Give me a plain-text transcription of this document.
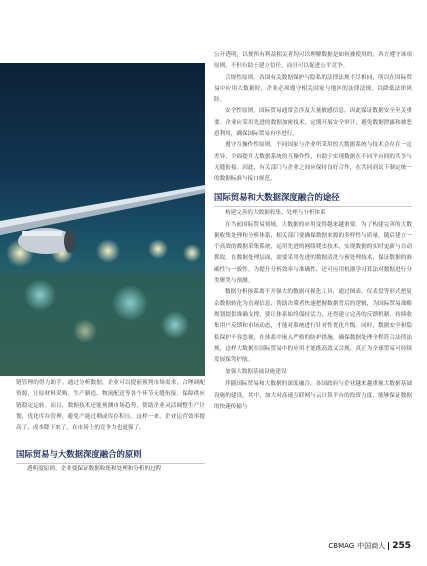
公开透明，以便所有利益相关者均可以理解数据是如何被使用的。各方遵守该项原则，不但有助于建立信任，而且可以促进公平竞争。

合规性原则。各国有关数据保护与隐私的法律法规不尽相同，所以在国际贸易中应用大数据时，企业必须遵守相关国家与地区的法律法规，以降低法律风险。

安全性原则。国际贸易通常会涉及大量敏感信息，因此保证数据安全至关重要。企业应采用先进的数据加密技术，定期开展安全审计，避免数据泄露和被恶意利用，确保国际贸易有序进行。

遵守互操作性原则。不同国家与企业所采用的大数据系统与技术会存在一定差异，全面提升大数据系统的互操作性，有助于实现数据在不同平台间的共享与无缝衔接。因此，有关部门与企业之间应保持良好合作，在共同商议下制定统一的数据标准与接口规范。

国际贸易和大数据深度融合的途径
构建完善的大数据收集、处理与分析体系

在当前国际贸易领域，大数据的应用变得越来越重要。为了构建完善的大数据收集处理和分析体系，相关部门要确保数据来源的多样性与质量。随后建立一个高效的数据采集系统，运用先进的网络爬虫技术，实现数据的实时更新与自动抓取。在数据处理层面，需要采用先进的数据清洗与预处理技术，保证数据的准确性与一致性。为提升分析效率与准确性，还可应用机器学习算法对数据进行分类聚类与预测。

数据分析体系离不开强大的数据可视化工具，通过图表、仪表盘等形式把复杂数据转化为直观信息，帮助决策者快速把握数据背后的逻辑，为国际贸易战略规划提供准确支撑。要让体系始终保持活力，还得建立完善的反馈机制，持续收集用户反馈和市场动态，才能对系统进行针对性优化升级。同时，数据安全和隐私保护不容忽视，在体系中嵌入严格的防护措施，确保数据处理全程符合法律法规，这样大数据在国际贸易中的应用才能既高效又合规，真正为全球贸易可持续发展保驾护航。

加强大数据基础设施建设

伴随国际贸易和大数据的深度融合，各国政府与企业越来越重视大数据基础设施的建设。其中，加大对高速互联网与云计算平台的投资力度，能够保证数据的快速传输与

链管理的得力助手。通过分析数据，企业可以提前预判市场需求，合理调配资源，让原材料采购、生产制造、物流配送等各个环节无缝衔接，保障供应链稳定运转。而且，数据技术还能预测市场趋势，帮助企业灵活调整生产计划，优化库存管理，避免产能过剩或库存积压。这样一来，企业运营效率提高了，成本降下来了，在市场上的竞争力也更强了。

国际贸易与大数据深度融合的原则

透明度原则。企业要保证数据收集和处理和分析的过程

CBMAG 中国商人 255
